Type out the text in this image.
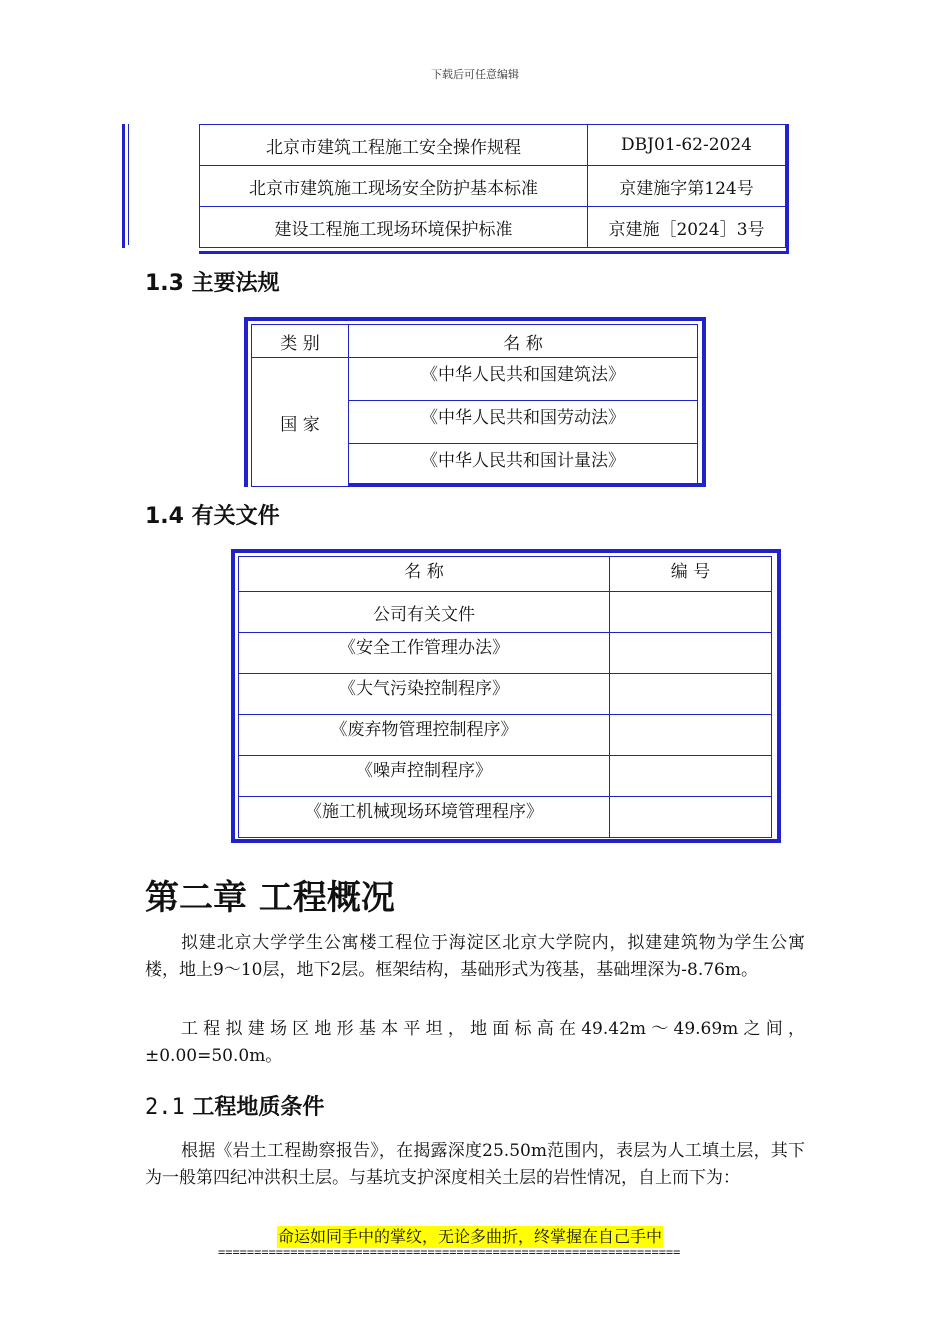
下载后可任意编辑
北京市建筑工程施工安全操作规程	DBJ01-62-2024
北京市建筑施工现场安全防护基本标准	京建施字第124号
建设工程施工现场环境保护标准	京建施［2024］3号
1.3 主要法规
类 别	名 称
国 家	《中华人民共和国建筑法》
	《中华人民共和国劳动法》
	《中华人民共和国计量法》
1.4 有关文件
名 称	编 号
公司有关文件	
《安全工作管理办法》	
《大气污染控制程序》	
《废弃物管理控制程序》	
《噪声控制程序》	
《施工机械现场环境管理程序》	
第二章 工程概况
拟建北京大学学生公寓楼工程位于海淀区北京大学院内，拟建建筑物为学生公寓楼，地上9～10层，地下2层。框架结构，基础形式为筏基，基础埋深为-8.76m。
工程拟建场区地形基本平坦，地面标高在49.42m～49.69m之间，±0.00=50.0m。
2.1 工程地质条件
根据《岩土工程勘察报告》，在揭露深度25.50m范围内，表层为人工填土层，其下为一般第四纪冲洪积土层。与基坑支护深度相关土层的岩性情况，自上而下为：
命运如同手中的掌纹，无论多曲折，终掌握在自己手中
================================================================
